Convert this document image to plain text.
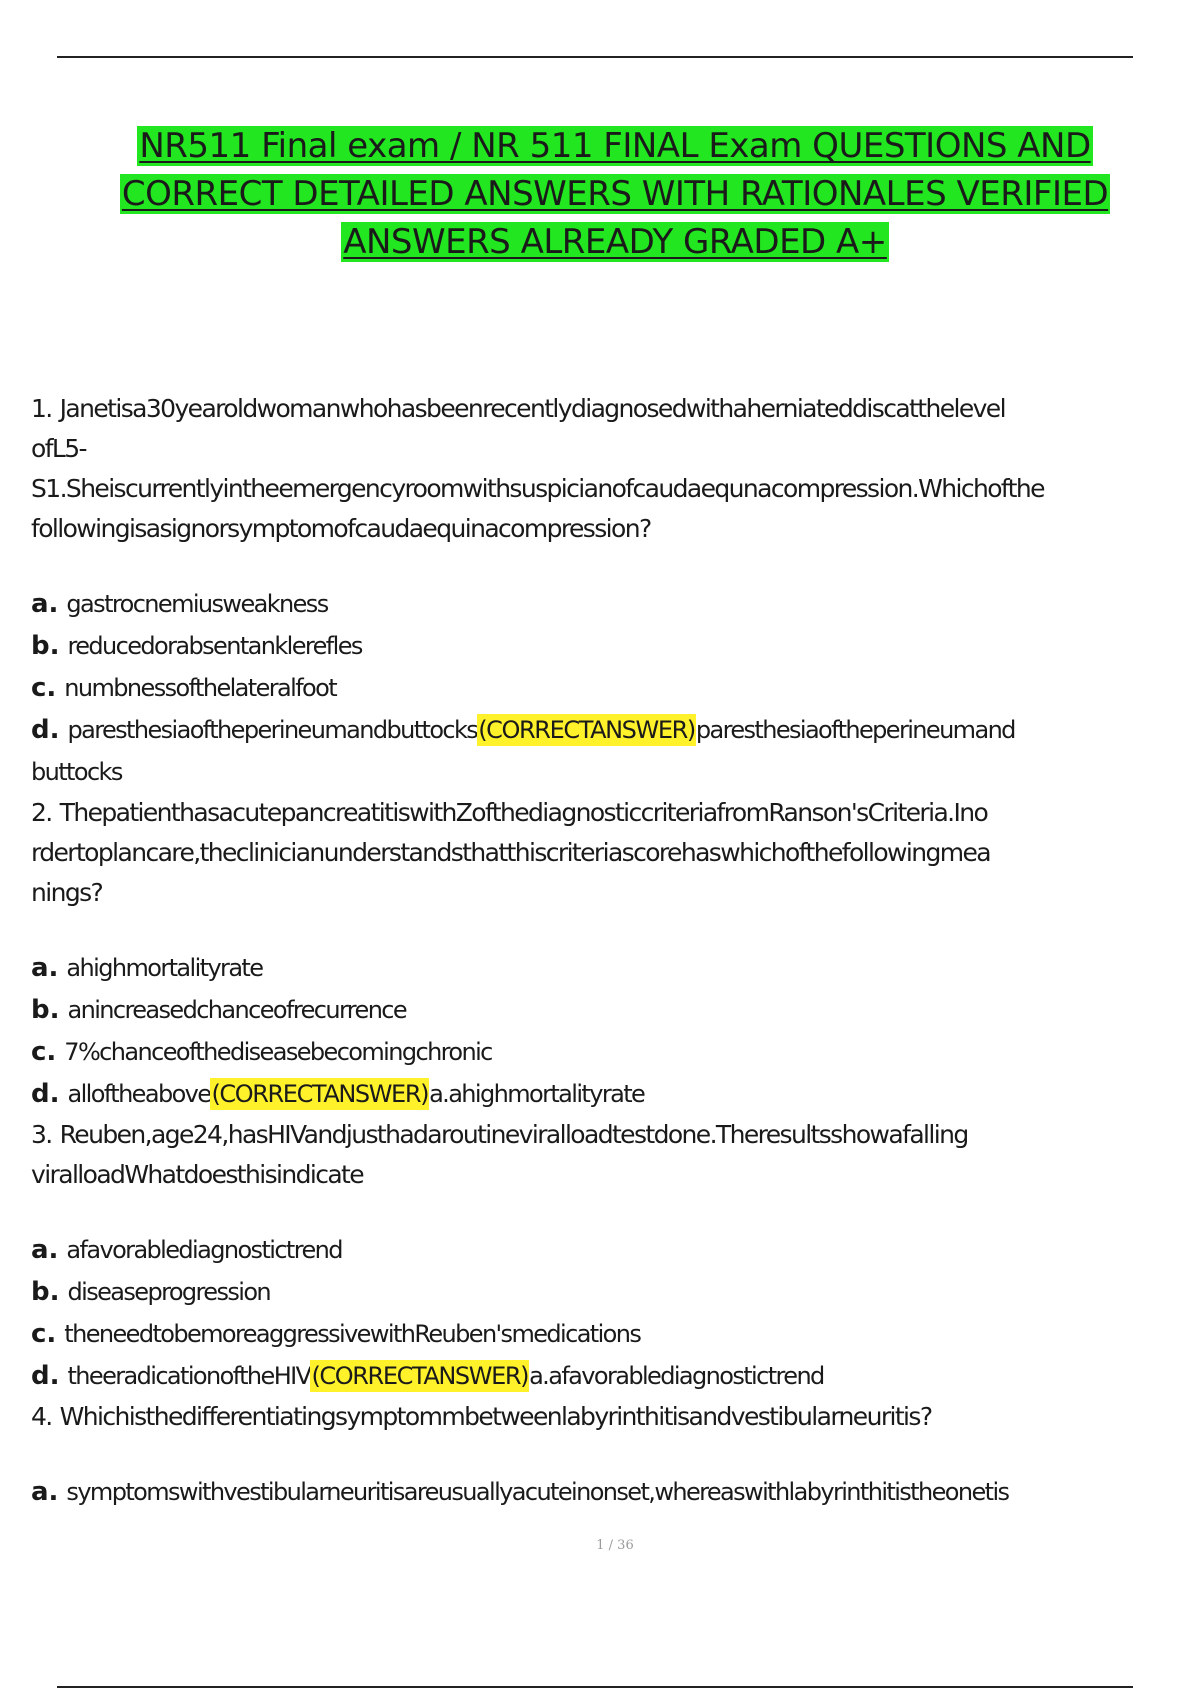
NR511 Final exam / NR 511 FINAL Exam QUESTIONS AND
CORRECT DETAILED ANSWERS WITH RATIONALES VERIFIED
ANSWERS ALREADY GRADED A+

1. Janetisa30yearoldwomanwhohasbeenrecentlydiagnosedwithaherniateddiscatthelevel

ofL5-

S1.Sheiscurrentlyintheemergencyroomwithsuspicianofcaudaequnacompression.Whichofthe

followingisasignorsymptomofcaudaequinacompression?

a. gastrocnemiusweakness

b. reducedorabsentanklerefles

c. numbnessofthelateralfoot

d. paresthesiaoftheperineumandbuttocks(CORRECTANSWER)paresthesiaoftheperineumand

buttocks

2. ThepatienthasacutepancreatitiswithZofthediagnosticcriteriafromRanson'sCriteria.Ino

rdertoplancare,theclinicianunderstandsthatthiscriteriascorehaswhichofthefollowingmea

nings?

a. ahighmortalityrate

b. anincreasedchanceofrecurrence

c. 7%chanceofthediseasebecomingchronic

d. alloftheabove(CORRECTANSWER)a.ahighmortalityrate

3. Reuben,age24,hasHIVandjusthadaroutineviralloadtestdone.Theresultsshowafalling

viralloadWhatdoesthisindicate

a. afavorablediagnostictrend

b. diseaseprogression

c. theneedtobemoreaggressivewithReuben'smedications

d. theeradicationoftheHIV(CORRECTANSWER)a.afavorablediagnostictrend

4. Whichisthedifferentiatingsymptommbetweenlabyrinthitisandvestibularneuritis?

a. symptomswithvestibularneuritisareusuallyacuteinonset,whereaswithlabyrinthitistheonetis

1 / 36
